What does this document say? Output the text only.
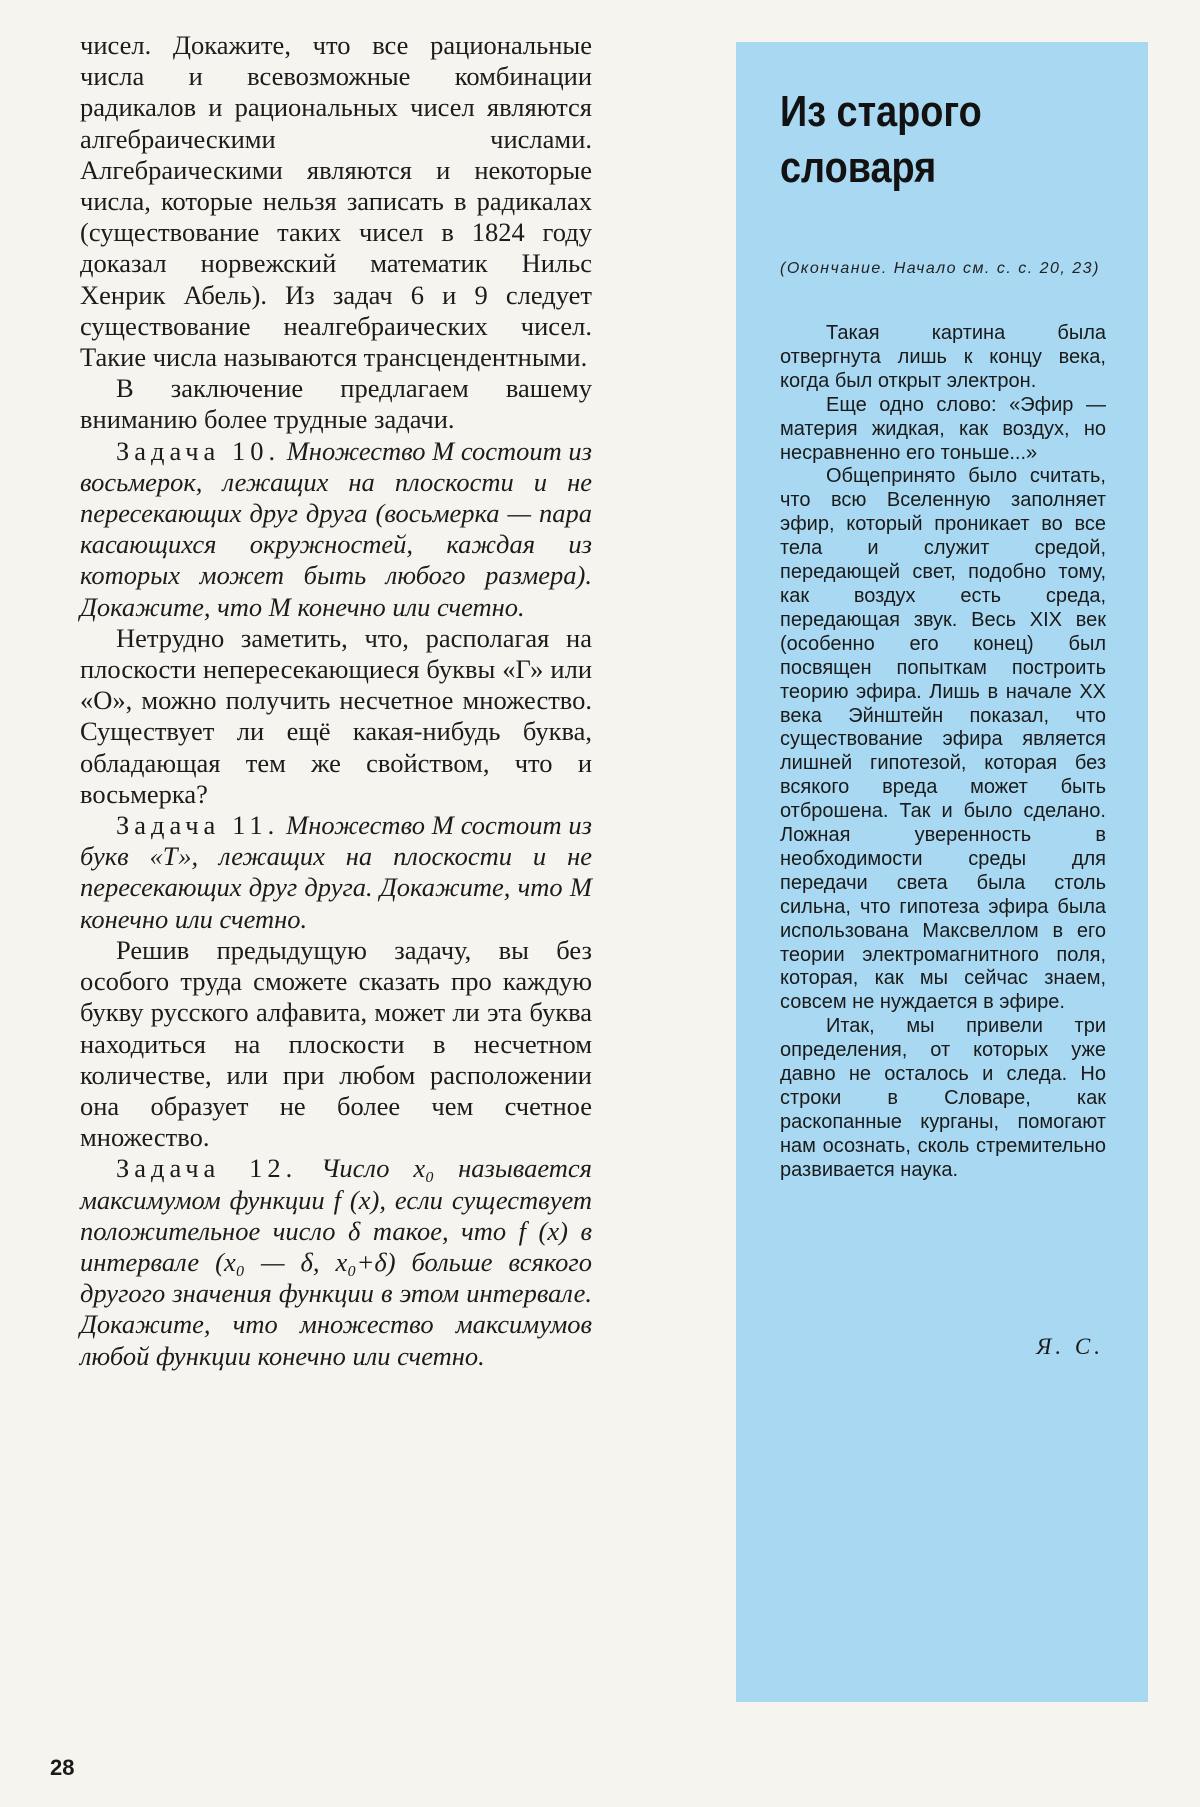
чисел. Докажите, что все рациональные числа и всевозможные комбинации радикалов и рациональных чисел являются алгебраическими числами. Алгебраическими являются и некоторые числа, которые нельзя записать в радикалах (существование таких чисел в 1824 году доказал норвежский математик Нильс Хенрик Абель). Из задач 6 и 9 следует существование неалгебраических чисел. Такие числа называются трансцендентными.

В заключение предлагаем вашему вниманию более трудные задачи.

Задача 10. Множество M состоит из восьмерок, лежащих на плоскости и не пересекающих друг друга (восьмерка — пара касающихся окружностей, каждая из которых может быть любого размера). Докажите, что M конечно или счетно.

Нетрудно заметить, что, располагая на плоскости непересекающиеся буквы «Г» или «О», можно получить несчетное множество. Существует ли ещё какая-нибудь буква, обладающая тем же свойством, что и восьмерка?

Задача 11. Множество M состоит из букв «Т», лежащих на плоскости и не пересекающих друг друга. Докажите, что M конечно или счетно.

Решив предыдущую задачу, вы без особого труда сможете сказать про каждую букву русского алфавита, может ли эта буква находиться на плоскости в несчетном количестве, или при любом расположении она образует не более чем счетное множество.

Задача 12. Число x₀ называется максимумом функции f (x), если существует положительное число δ такое, что f (x) в интервале (x₀ — δ, x₀+δ) больше всякого другого значения функции в этом интервале. Докажите, что множество максимумов любой функции конечно или счетно.

Из старого словаря

(Окончание. Начало см. с. с. 20, 23)

Такая картина была отвергнута лишь к концу века, когда был открыт электрон.

Еще одно слово: «Эфир — материя жидкая, как воздух, но несравненно его тоньше...»

Общепринято было считать, что всю Вселенную заполняет эфир, который проникает во все тела и служит средой, передающей свет, подобно тому, как воздух есть среда, передающая звук. Весь XIX век (особенно его конец) был посвящен попыткам построить теорию эфира. Лишь в начале XX века Эйнштейн показал, что существование эфира является лишней гипотезой, которая без всякого вреда может быть отброшена. Так и было сделано. Ложная уверенность в необходимости среды для передачи света была столь сильна, что гипотеза эфира была использована Максвеллом в его теории электромагнитного поля, которая, как мы сейчас знаем, совсем не нуждается в эфире.

Итак, мы привели три определения, от которых уже давно не осталось и следа. Но строки в Словаре, как раскопанные курганы, помогают нам осознать, сколь стремительно развивается наука.

Я. С.
28
